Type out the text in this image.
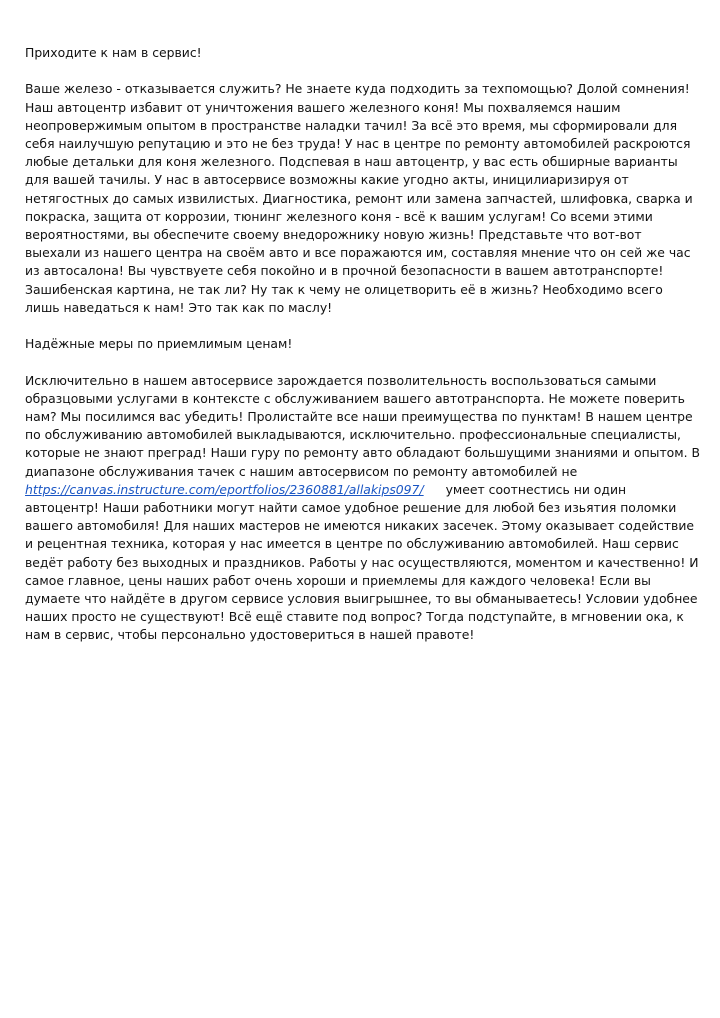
Приходите к нам в сервис!

Ваше железо - отказывается служить? Не знаете куда подходить за техпомощью? Долой сомнения! Наш автоцентр избавит от уничтожения вашего железного коня! Мы похваляемся нашим неопровержимым опытом в пространстве наладки тачил! За всё это время, мы сформировали для себя наилучшую репутацию и это не без труда! У нас в центре по ремонту автомобилей раскроются любые детальки для коня железного. Подспевая в наш автоцентр, у вас есть обширные варианты для вашей тачилы. У нас в автосервисе возможны какие угодно акты, иницилиаризируя от нетягостных до самых извилистых. Диагностика, ремонт или замена запчастей, шлифовка, сварка и покраска, защита от коррозии, тюнинг железного коня - всё к вашим услугам! Со всеми этими вероятностями, вы обеспечите своему внедорожнику новую жизнь! Представьте что вот-вот выехали из нашего центра на своём авто и все поражаются им, составляя мнение что он сей же час из автосалона! Вы чувствуете себя покойно и в прочной безопасности в вашем автотранспорте! Зашибенская картина, не так ли? Ну так к чему не олицетворить её в жизнь? Необходимо всего лишь наведаться к нам! Это так как по маслу!

Надёжные меры по приемлимым ценам!

Исключительно в нашем автосервисе зарождается позволительность воспользоваться самыми образцовыми услугами в контексте с обслуживанием вашего автотранспорта. Не можете поверить нам? Мы посилимся вас убедить! Пролистайте все наши преимущества по пунктам! В нашем центре по обслуживанию автомобилей выкладываются, исключительно. профессиональные специалисты, которые не знают преград! Наши гуру по ремонту авто обладают большущими знаниями и опытом. В диапазоне обслуживания тачек с нашим автосервисом по ремонту автомобилей не https://canvas.instructure.com/eportfolios/2360881/allakips097/ умеет соотнестись ни один автоцентр! Наши работники могут найти самое удобное решение для любой без изьятия поломки вашего автомобиля! Для наших мастеров не имеются никаких засечек. Этому оказывает содействие и рецентная техника, которая у нас имеется в центре по обслуживанию автомобилей. Наш сервис ведёт работу без выходных и праздников. Работы у нас осуществляются, моментом и качественно! И самое главное, цены наших работ очень хороши и приемлемы для каждого человека! Если вы думаете что найдёте в другом сервисе условия выигрышнее, то вы обманываетесь! Условии удобнее наших просто не существуют! Всё ещё ставите под вопрос? Тогда подступайте, в мгновении ока, к нам в сервис, чтобы персонально удостовериться в нашей правоте!
